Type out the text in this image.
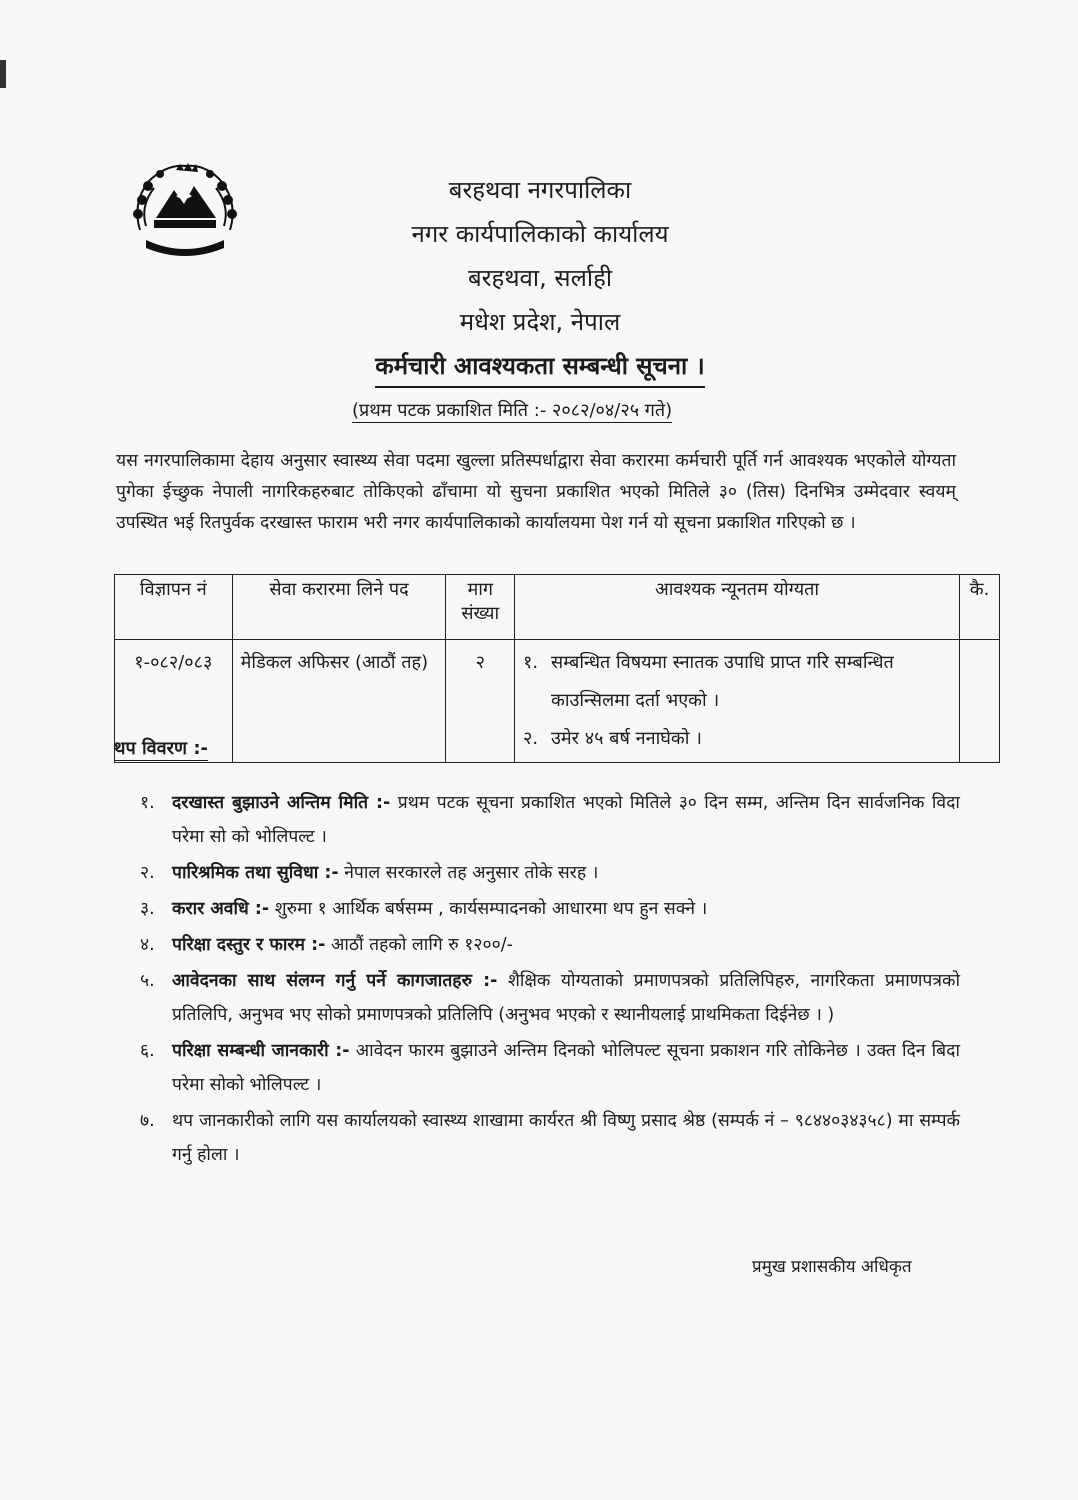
बरहथवा नगरपालिका
नगर कार्यपालिकाको कार्यालय
बरहथवा, सर्लाही
मधेश प्रदेश, नेपाल
कर्मचारी आवश्यकता सम्बन्धी सूचना ।
(प्रथम पटक प्रकाशित मिति :- २०८२/०४/२५ गते)
यस नगरपालिकामा देहाय अनुसार स्वास्थ्य सेवा पदमा खुल्ला प्रतिस्पर्धाद्वारा सेवा करारमा कर्मचारी पूर्ति गर्न आवश्यक भएकोले योग्यता पुगेका ईच्छुक नेपाली नागरिकहरुबाट तोकिएको ढाँचामा यो सुचना प्रकाशित भएको मितिले ३० (तिस) दिनभित्र उम्मेदवार स्वयम् उपस्थित भई रितपुर्वक दरखास्त फाराम भरी नगर कार्यपालिकाको कार्यालयमा पेश गर्न यो सूचना प्रकाशित गरिएको छ ।
विज्ञापन नं	सेवा करारमा लिने पद	माग संख्या	आवश्यक न्यूनतम योग्यता	कै.
१-०८२/०८३	मेडिकल अफिसर (आठौं तह)	२	१. सम्बन्धित विषयमा स्नातक उपाधि प्राप्त गरि सम्बन्धित काउन्सिलमा दर्ता भएको ।
२. उमेर ४५ बर्ष ननाघेको ।	

थप विवरण :-
१. दरखास्त बुझाउने अन्तिम मिति :- प्रथम पटक सूचना प्रकाशित भएको मितिले ३० दिन सम्म, अन्तिम दिन सार्वजनिक विदा परेमा सो को भोलिपल्ट ।
२. पारिश्रमिक तथा सुविधा :- नेपाल सरकारले तह अनुसार तोके सरह ।
३. करार अवधि :- शुरुमा १ आर्थिक बर्षसम्म , कार्यसम्पादनको आधारमा थप हुन सक्ने ।
४. परिक्षा दस्तुर र फारम :- आठौं तहको लागि रु १२००/-
५. आवेदनका साथ संलग्न गर्नु पर्ने कागजातहरु :- शैक्षिक योग्यताको प्रमाणपत्रको प्रतिलिपिहरु, नागरिकता प्रमाणपत्रको प्रतिलिपि, अनुभव भए सोको प्रमाणपत्रको प्रतिलिपि (अनुभव भएको र स्थानीयलाई प्राथमिकता दिईनेछ । )
६. परिक्षा सम्बन्धी जानकारी :- आवेदन फारम बुझाउने अन्तिम दिनको भोलिपल्ट सूचना प्रकाशन गरि तोकिनेछ । उक्त दिन बिदा परेमा सोको भोलिपल्ट ।
७. थप जानकारीको लागि यस कार्यालयको स्वास्थ्य शाखामा कार्यरत श्री विष्णु प्रसाद श्रेष्ठ (सम्पर्क नं – ९८४४०३४३५८) मा सम्पर्क गर्नु होला ।
प्रमुख प्रशासकीय अधिकृत
